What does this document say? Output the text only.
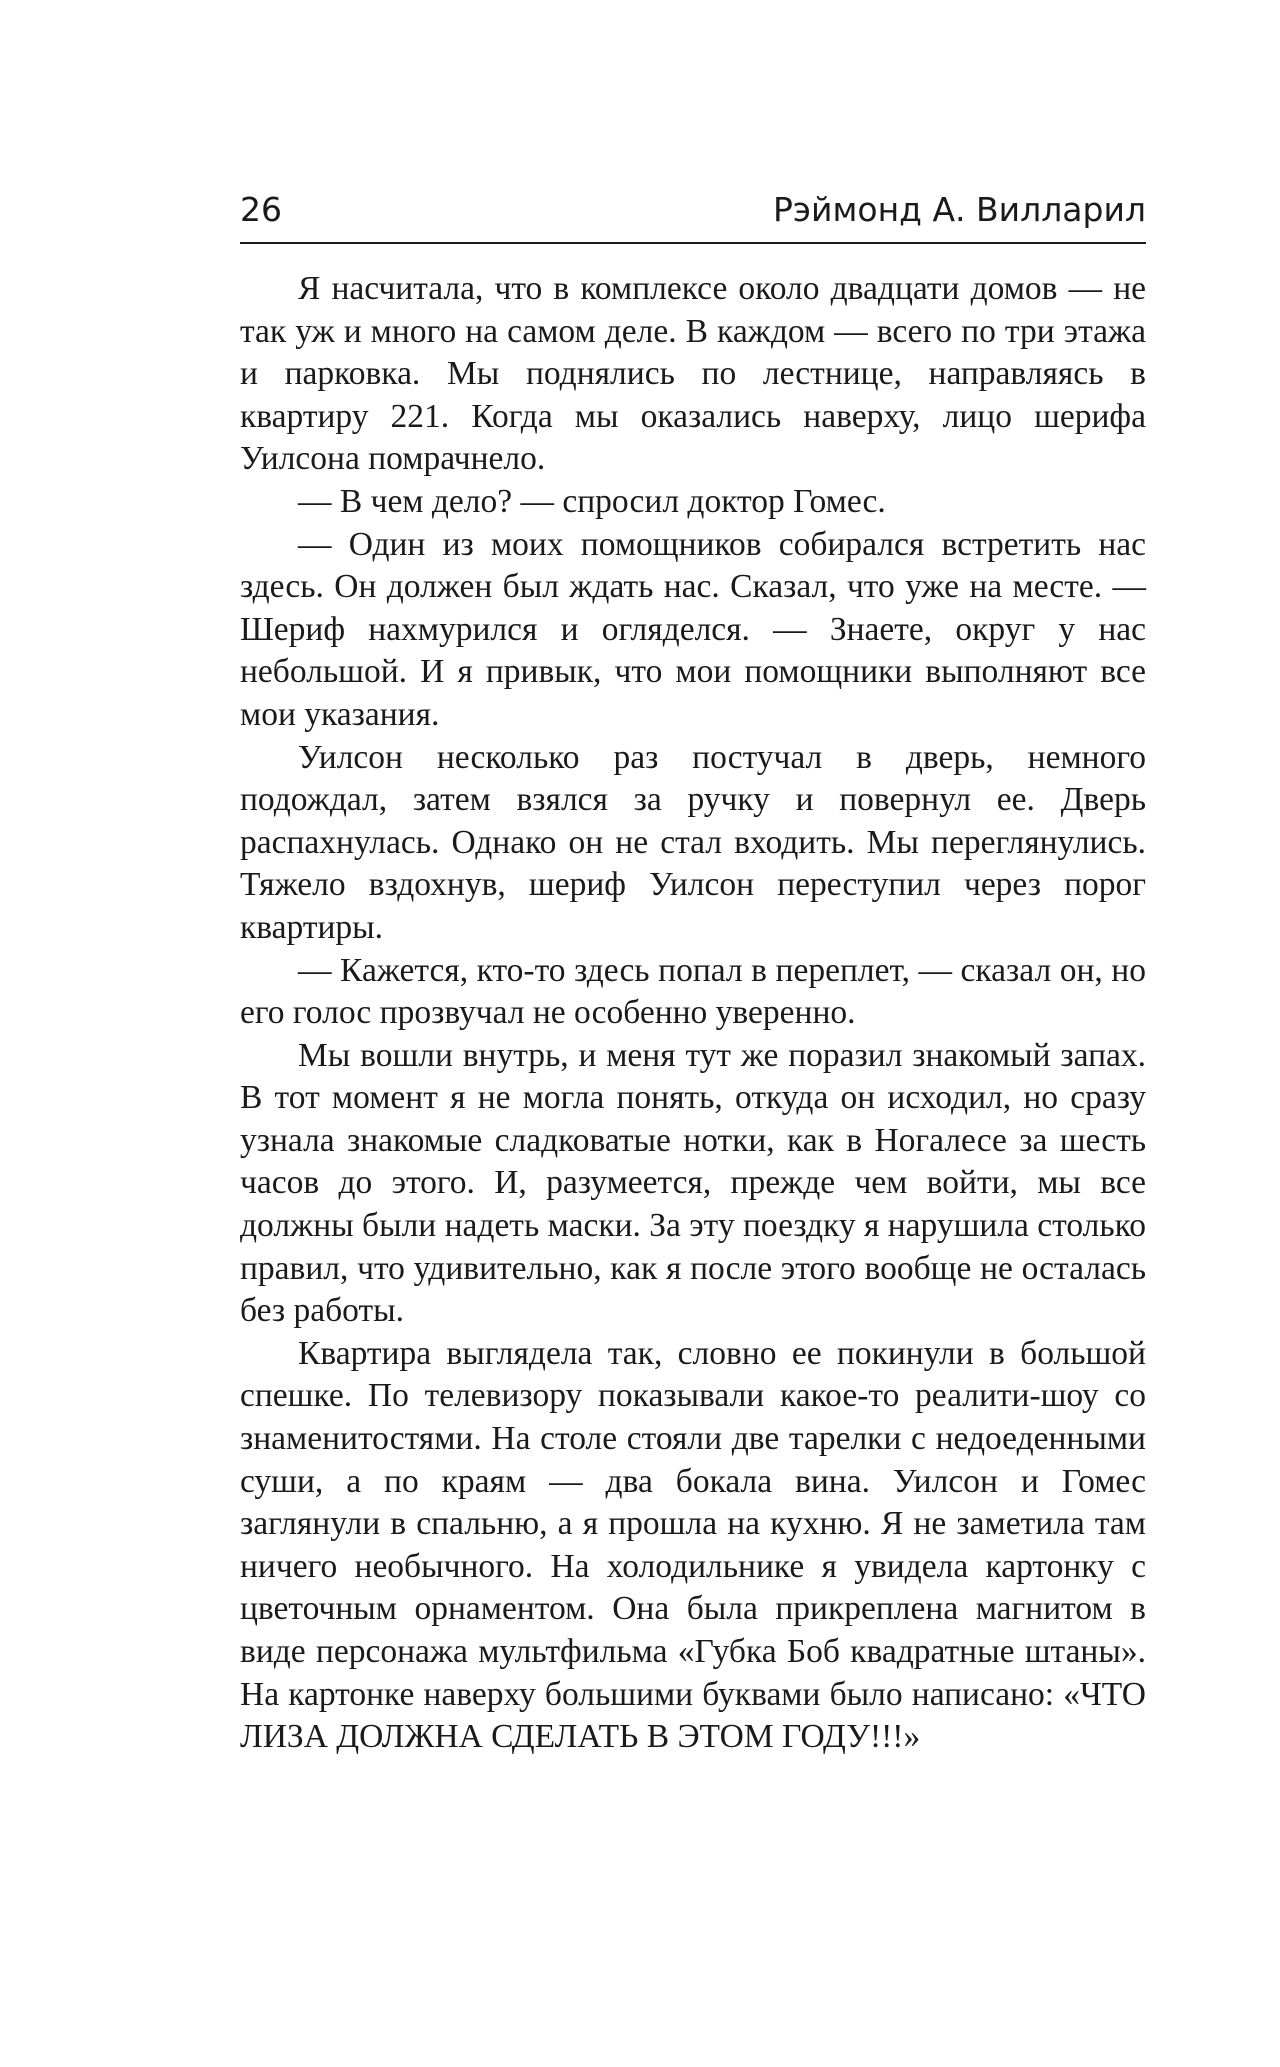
26	Рэймонд А. Вилларил

Я насчитала, что в комплексе около двадцати домов — не так уж и много на самом деле. В каждом — всего по три этажа и парковка. Мы поднялись по лестнице, направляясь в квартиру 221. Когда мы оказались наверху, лицо шерифа Уилсона помрачнело.

— В чем дело? — спросил доктор Гомес.

— Один из моих помощников собирался встретить нас здесь. Он должен был ждать нас. Сказал, что уже на месте. — Шериф нахмурился и огляделся. — Знаете, округ у нас небольшой. И я привык, что мои помощники выполняют все мои указания.

Уилсон несколько раз постучал в дверь, немного подождал, затем взялся за ручку и повернул ее. Дверь распахнулась. Однако он не стал входить. Мы переглянулись. Тяжело вздохнув, шериф Уилсон переступил через порог квартиры.

— Кажется, кто-то здесь попал в переплет, — сказал он, но его голос прозвучал не особенно уверенно.

Мы вошли внутрь, и меня тут же поразил знакомый запах. В тот момент я не могла понять, откуда он исходил, но сразу узнала знакомые сладковатые нотки, как в Ногалесе за шесть часов до этого. И, разумеется, прежде чем войти, мы все должны были надеть маски. За эту поездку я нарушила столько правил, что удивительно, как я после этого вообще не осталась без работы.

Квартира выглядела так, словно ее покинули в большой спешке. По телевизору показывали какое-то реалити-шоу со знаменитостями. На столе стояли две тарелки с недоеденными суши, а по краям — два бокала вина. Уилсон и Гомес заглянули в спальню, а я прошла на кухню. Я не заметила там ничего необычного. На холодильнике я увидела картонку с цветочным орнаментом. Она была прикреплена магнитом в виде персонажа мультфильма «Губка Боб квадратные штаны». На картонке наверху большими буквами было написано: «ЧТО ЛИЗА ДОЛЖНА СДЕЛАТЬ В ЭТОМ ГОДУ!!!»
